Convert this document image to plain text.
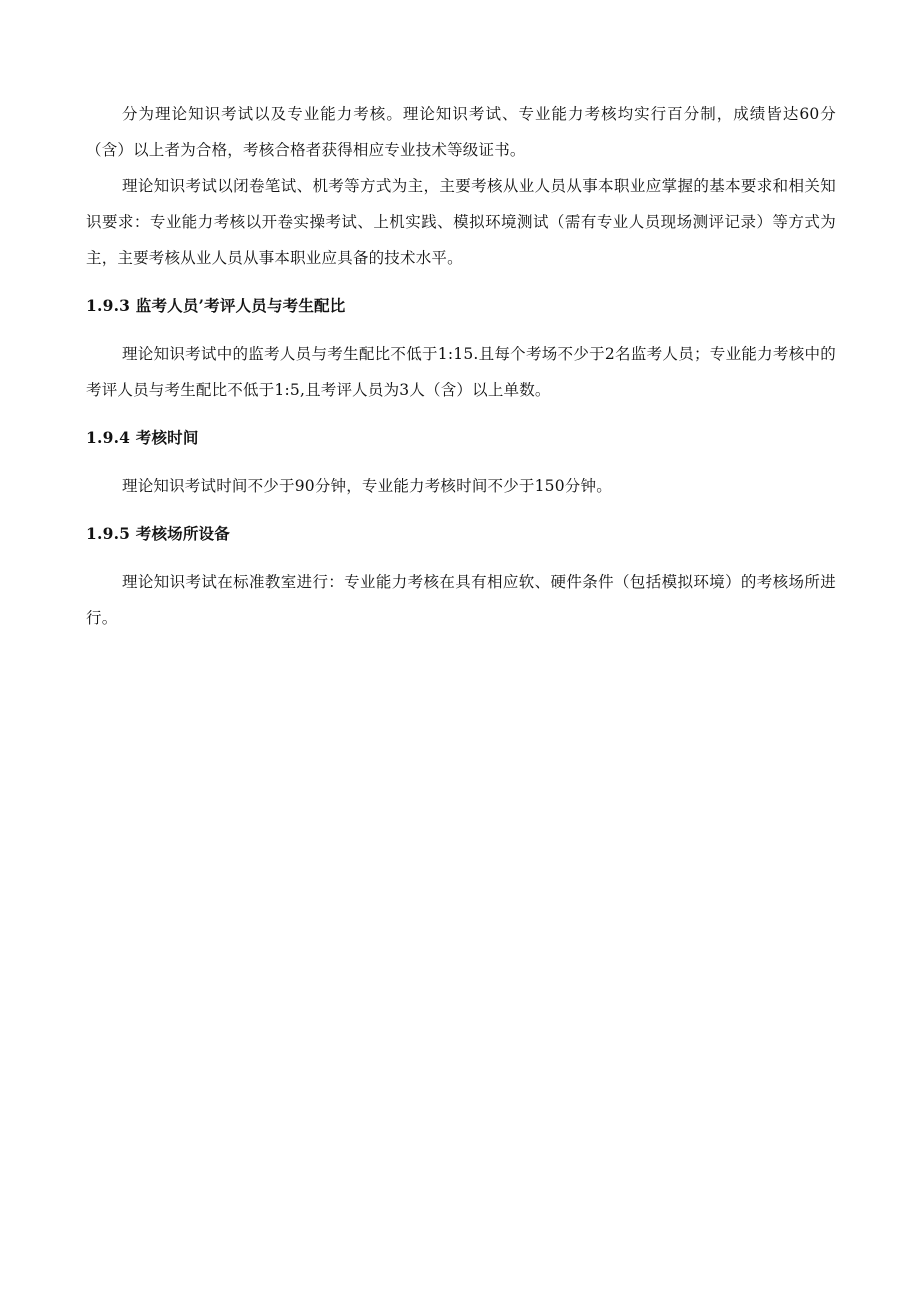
分为理论知识考试以及专业能力考核。理论知识考试、专业能力考核均实行百分制，成绩皆达60分（含）以上者为合格，考核合格者获得相应专业技术等级证书。

理论知识考试以闭卷笔试、机考等方式为主，主要考核从业人员从事本职业应掌握的基本要求和相关知识要求：专业能力考核以开卷实操考试、上机实践、模拟环境测试（需有专业人员现场测评记录）等方式为主，主要考核从业人员从事本职业应具备的技术水平。

1.9.3 监考人员’考评人员与考生配比

理论知识考试中的监考人员与考生配比不低于1:15.且每个考场不少于2名监考人员；专业能力考核中的考评人员与考生配比不低于1:5,且考评人员为3人（含）以上单数。

1.9.4 考核时间

理论知识考试时间不少于90分钟，专业能力考核时间不少于150分钟。

1.9.5 考核场所设备

理论知识考试在标准教室进行：专业能力考核在具有相应软、硬件条件（包括模拟环境）的考核场所进行。
